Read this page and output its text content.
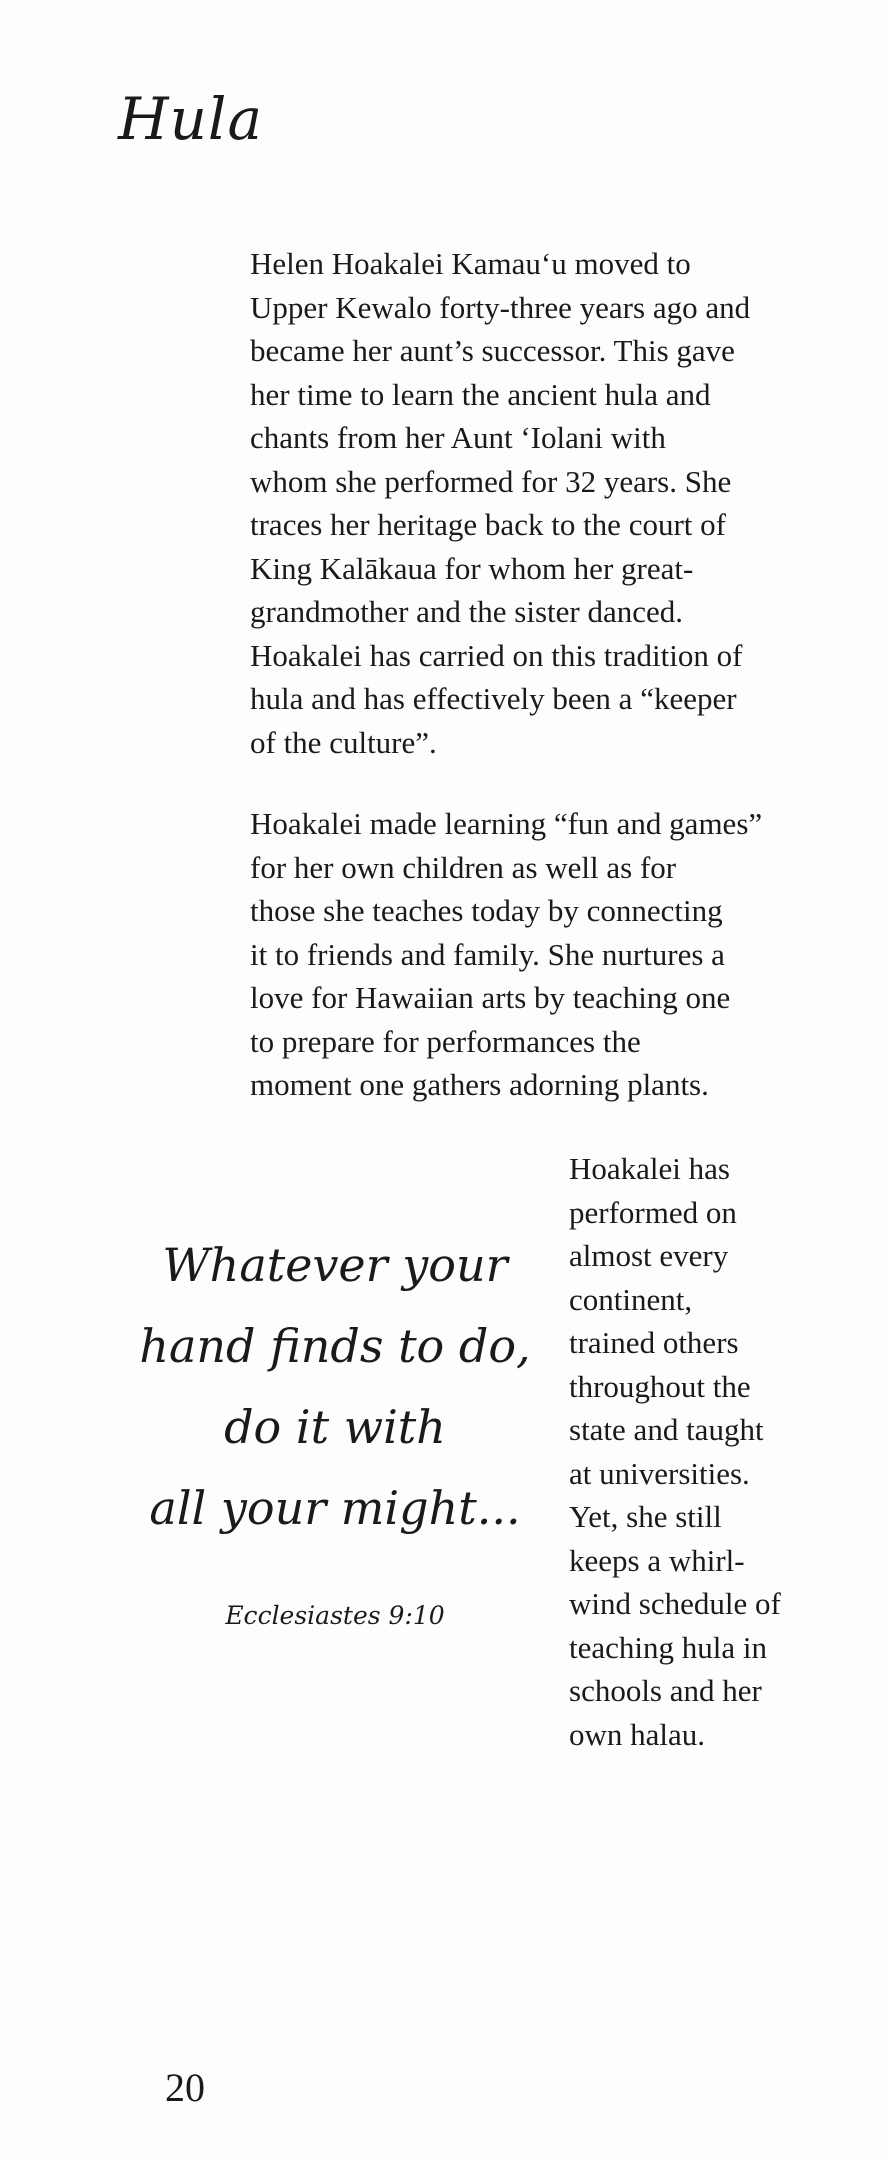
Hula

Helen Hoakalei Kamauʻu moved to
Upper Kewalo forty-three years ago and
became her aunt’s successor. This gave
her time to learn the ancient hula and
chants from her Aunt ʻIolani with
whom she performed for 32 years. She
traces her heritage back to the court of
King Kalākaua for whom her great-
grandmother and the sister danced.
Hoakalei has carried on this tradition of
hula and has effectively been a “keeper
of the culture”.

Hoakalei made learning “fun and games”
for her own children as well as for
those she teaches today by connecting
it to friends and family. She nurtures a
love for Hawaiian arts by teaching one
to prepare for performances the
moment one gathers adorning plants.

Whatever your
hand finds to do,
do it with
all your might...
Ecclesiastes 9:10

Hoakalei has
performed on
almost every
continent,
trained others
throughout the
state and taught
at universities.
Yet, she still
keeps a whirl-
wind schedule of
teaching hula in
schools and her
own halau.

20
